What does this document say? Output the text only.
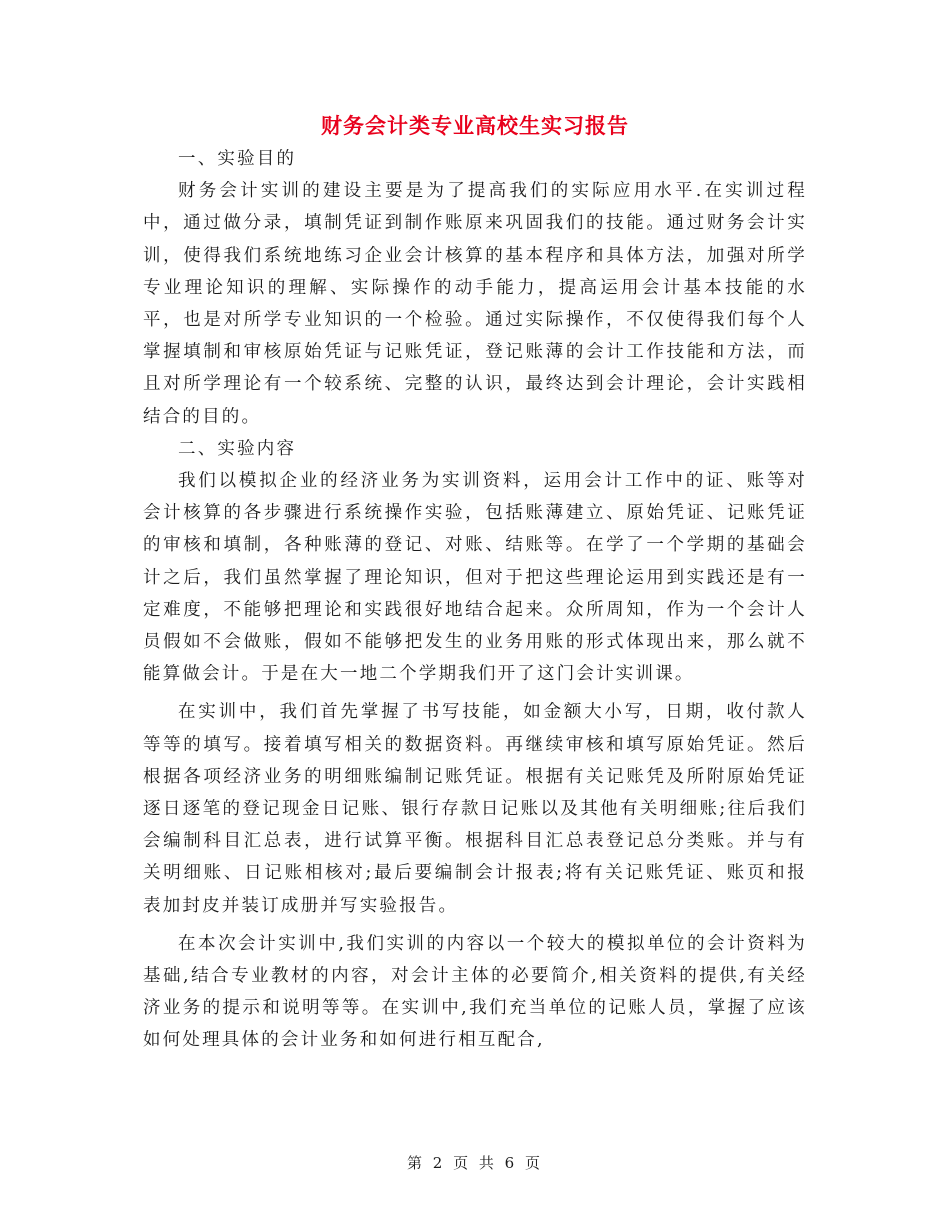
财务会计类专业高校生实习报告

一、实验目的

财务会计实训的建设主要是为了提高我们的实际应用水平.在实训过程中，通过做分录，填制凭证到制作账原来巩固我们的技能。通过财务会计实训，使得我们系统地练习企业会计核算的基本程序和具体方法，加强对所学专业理论知识的理解、实际操作的动手能力，提高运用会计基本技能的水平，也是对所学专业知识的一个检验。通过实际操作，不仅使得我们每个人掌握填制和审核原始凭证与记账凭证，登记账薄的会计工作技能和方法，而且对所学理论有一个较系统、完整的认识，最终达到会计理论，会计实践相结合的目的。

二、实验内容

我们以模拟企业的经济业务为实训资料，运用会计工作中的证、账等对会计核算的各步骤进行系统操作实验，包括账薄建立、原始凭证、记账凭证的审核和填制，各种账薄的登记、对账、结账等。在学了一个学期的基础会计之后，我们虽然掌握了理论知识，但对于把这些理论运用到实践还是有一定难度，不能够把理论和实践很好地结合起来。众所周知，作为一个会计人员假如不会做账，假如不能够把发生的业务用账的形式体现出来，那么就不能算做会计。于是在大一地二个学期我们开了这门会计实训课。

在实训中，我们首先掌握了书写技能，如金额大小写，日期，收付款人等等的填写。接着填写相关的数据资料。再继续审核和填写原始凭证。然后根据各项经济业务的明细账编制记账凭证。根据有关记账凭及所附原始凭证逐日逐笔的登记现金日记账、银行存款日记账以及其他有关明细账;往后我们会编制科目汇总表，进行试算平衡。根据科目汇总表登记总分类账。并与有关明细账、日记账相核对;最后要编制会计报表;将有关记账凭证、账页和报表加封皮并装订成册并写实验报告。

在本次会计实训中,我们实训的内容以一个较大的模拟单位的会计资料为基础,结合专业教材的内容，对会计主体的必要简介,相关资料的提供,有关经济业务的提示和说明等等。在实训中,我们充当单位的记账人员，掌握了应该如何处理具体的会计业务和如何进行相互配合,

第 2 页 共 6 页
